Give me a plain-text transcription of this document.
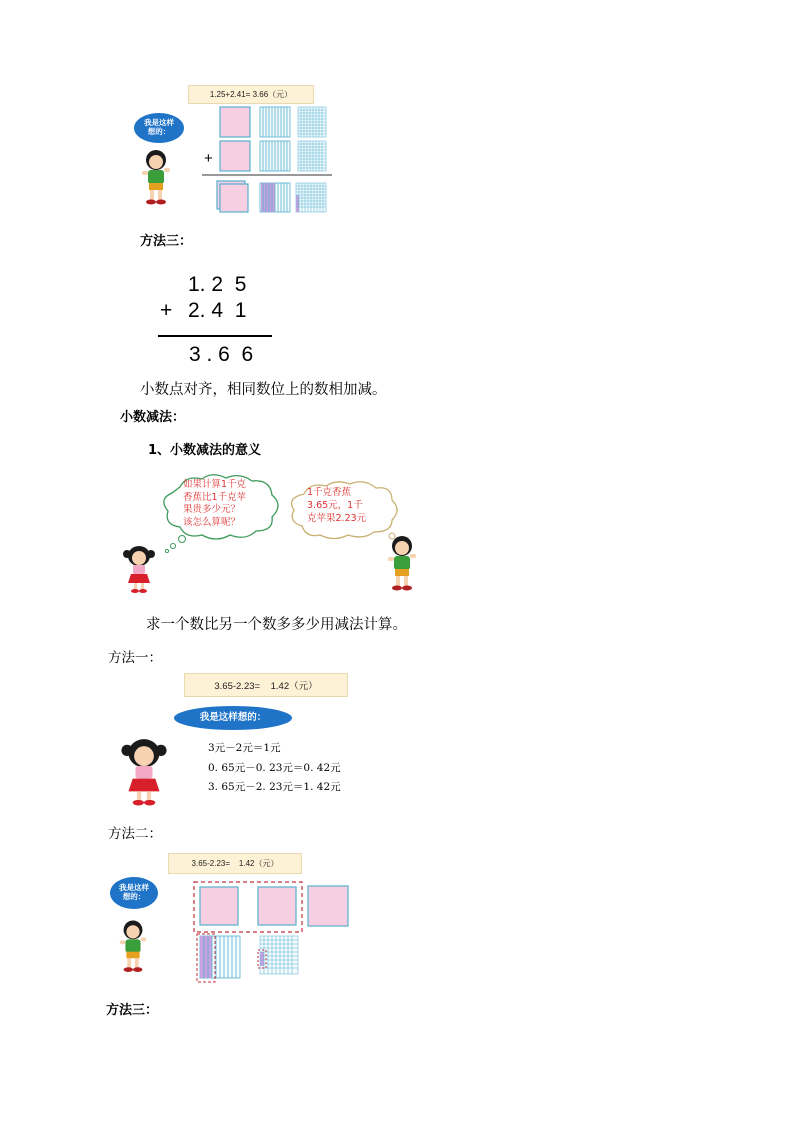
1.25+2.41= 3.66（元）
我是这样
想的：
+
方法三：
1. 2  5
+ 2. 4  1
3 . 6  6
小数点对齐，相同数位上的数相加减。
小数减法：
1、小数减法的意义
如果计算1千克
香蕉比1千克苹
果贵多少元？
该怎么算呢？
1千克香蕉
3.65元，1千
克苹果2.23元
求一个数比另一个数多多少用减法计算。
方法一：
3.65-2.23=    1.42（元）
我是这样想的：
3元－2元＝1元
0. 65元－0. 23元＝0. 42元
3. 65元－2. 23元＝1. 42元
方法二：
3.65-2.23=    1.42（元）
我是这样
想的：
方法三：
